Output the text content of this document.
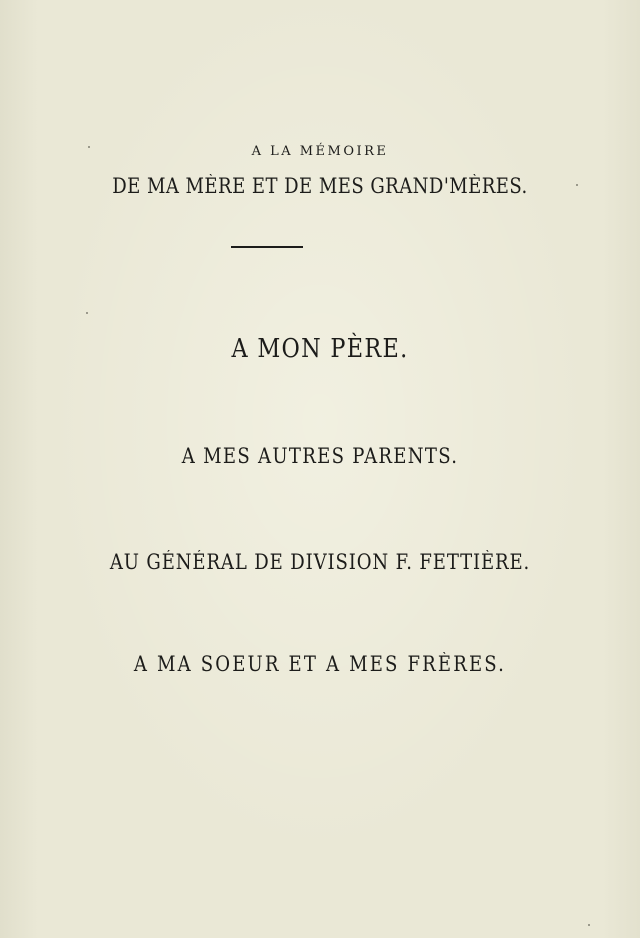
A LA MÉMOIRE
DE MA MÈRE ET DE MES GRAND'MÈRES.
A MON PÈRE.
A MES AUTRES PARENTS.
AU GÉNÉRAL DE DIVISION F. FETTIÈRE.
A MA SOEUR ET A MES FRÈRES.
